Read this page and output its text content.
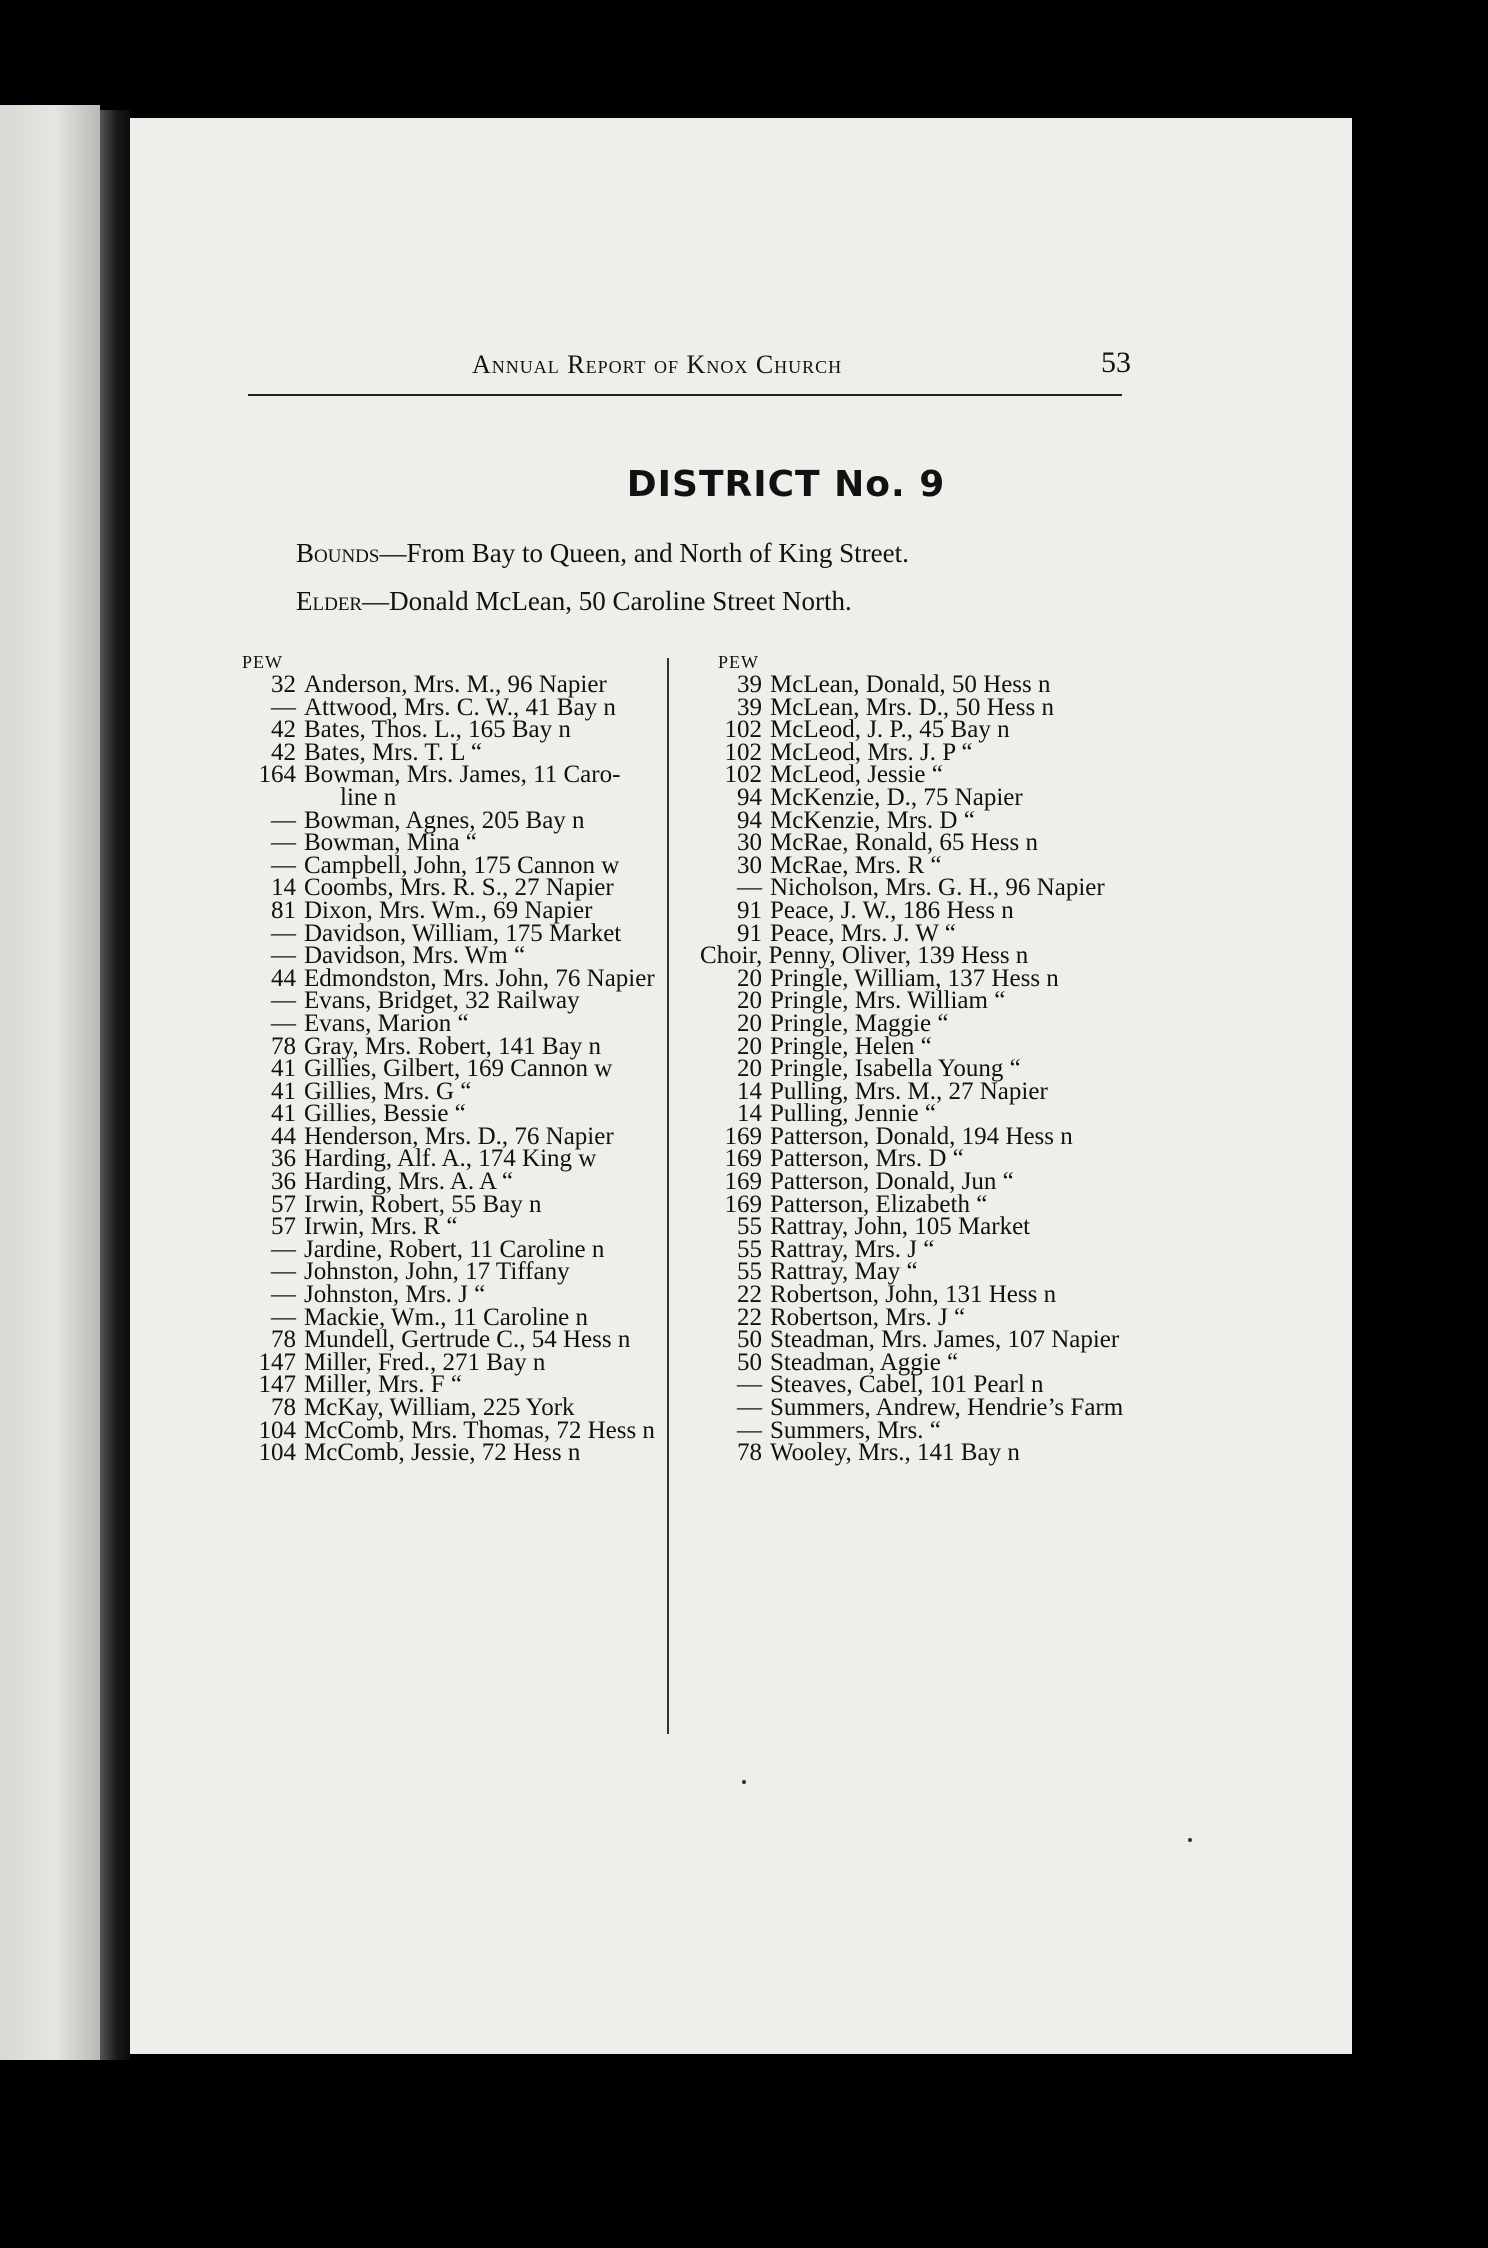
Annual Report of Knox Church	53
DISTRICT No. 9
Bounds—From Bay to Queen, and North of King Street.
Elder—Donald McLean, 50 Caroline Street North.
PEW
32 Anderson, Mrs. M., 96 Napier
— Attwood, Mrs. C. W., 41 Bay n
42 Bates, Thos. L., 165 Bay n
42 Bates, Mrs. T. L “
164 Bowman, Mrs. James, 11 Caro-
line n
— Bowman, Agnes, 205 Bay n
— Bowman, Mina “
— Campbell, John, 175 Cannon w
14 Coombs, Mrs. R. S., 27 Napier
81 Dixon, Mrs. Wm., 69 Napier
— Davidson, William, 175 Market
— Davidson, Mrs. Wm “
44 Edmondston, Mrs. John, 76 Napier
— Evans, Bridget, 32 Railway
— Evans, Marion “
78 Gray, Mrs. Robert, 141 Bay n
41 Gillies, Gilbert, 169 Cannon w
41 Gillies, Mrs. G “
41 Gillies, Bessie “
44 Henderson, Mrs. D., 76 Napier
36 Harding, Alf. A., 174 King w
36 Harding, Mrs. A. A “
57 Irwin, Robert, 55 Bay n
57 Irwin, Mrs. R “
— Jardine, Robert, 11 Caroline n
— Johnston, John, 17 Tiffany
— Johnston, Mrs. J “
— Mackie, Wm., 11 Caroline n
78 Mundell, Gertrude C., 54 Hess n
147 Miller, Fred., 271 Bay n
147 Miller, Mrs. F “
78 McKay, William, 225 York
104 McComb, Mrs. Thomas, 72 Hess n
104 McComb, Jessie, 72 Hess n
PEW
39 McLean, Donald, 50 Hess n
39 McLean, Mrs. D., 50 Hess n
102 McLeod, J. P., 45 Bay n
102 McLeod, Mrs. J. P “
102 McLeod, Jessie “
94 McKenzie, D., 75 Napier
94 McKenzie, Mrs. D “
30 McRae, Ronald, 65 Hess n
30 McRae, Mrs. R “
— Nicholson, Mrs. G. H., 96 Napier
91 Peace, J. W., 186 Hess n
91 Peace, Mrs. J. W “
Choir, Penny, Oliver, 139 Hess n
20 Pringle, William, 137 Hess n
20 Pringle, Mrs. William “
20 Pringle, Maggie “
20 Pringle, Helen “
20 Pringle, Isabella Young “
14 Pulling, Mrs. M., 27 Napier
14 Pulling, Jennie “
169 Patterson, Donald, 194 Hess n
169 Patterson, Mrs. D “
169 Patterson, Donald, Jun “
169 Patterson, Elizabeth “
55 Rattray, John, 105 Market
55 Rattray, Mrs. J “
55 Rattray, May “
22 Robertson, John, 131 Hess n
22 Robertson, Mrs. J “
50 Steadman, Mrs. James, 107 Napier
50 Steadman, Aggie “
— Steaves, Cabel, 101 Pearl n
— Summers, Andrew, Hendrie’s Farm
— Summers, Mrs. “
78 Wooley, Mrs., 141 Bay n
